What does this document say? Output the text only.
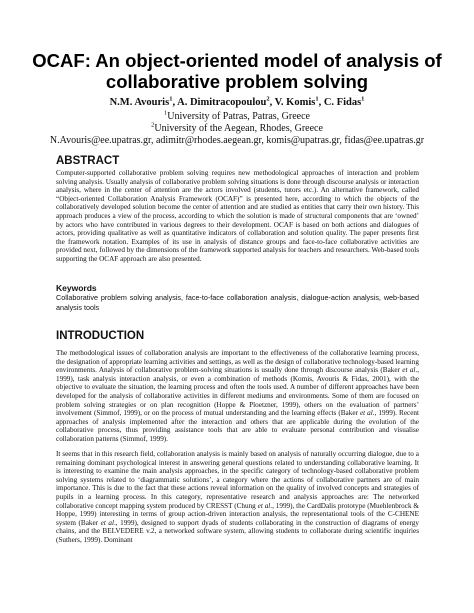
OCAF: An object-oriented model of analysis of
collaborative problem solving
N.M. Avouris$^1$, A. Dimitracopoulou$^2$, V. Komis$^1$, C. Fidas$^1$
$^1$University of Patras, Patras, Greece
$^2$University of the Aegean, Rhodes, Greece
N.Avouris@ee.upatras.gr, adimitr@rhodes.aegean.gr, komis@upatras.gr, fidas@ee.upatras.gr
ABSTRACT

Computer-supported collaborative problem solving requires new methodological approaches of interaction and problem solving analysis. Usually analysis of collaborative problem solving situations is done through discourse analysis or interaction analysis, where in the center of attention are the actors involved (students, tutors etc.). An alternative framework, called “Object-oriented Collaboration Analysis Framework (OCAF)” is presented here, according to which the objects of the collaboratively developed solution become the center of attention and are studied as entities that carry their own history. This approach produces a view of the process, according to which the solution is made of structural components that are ‘owned’ by actors who have contributed in various degrees to their development. OCAF is based on both actions and dialogues of actors, providing qualitative as well as quantitative indicators of collaboration and solution quality. The paper presents first the framework notation. Examples of its use in analysis of distance groups and face-to-face collaborative activities are provided next, followed by the dimensions of the framework supported analysis for teachers and researchers. Web-based tools supporting the OCAF approach are also presented.

Keywords

Collaborative problem solving analysis, face-to-face collaboration analysis, dialogue-action analysis, web-based analysis tools

INTRODUCTION

The methodological issues of collaboration analysis are important to the effectiveness of the collaborative learning process, the designation of appropriate learning activities and settings, as well as the design of collaborative technology-based learning environments. Analysis of collaborative problem-solving situations is usually done through discourse analysis (Baker et al., 1999), task analysis interaction analysis, or even a combination of methods (Komis, Avouris & Fidas, 2001), with the objective to evaluate the situation, the learning process and often the tools used. A number of different approaches have been developed for the analysis of collaborative activities in different mediums and environments. Some of them are focused on problem solving strategies or on plan recognition (Hoppe & Ploetzner, 1999), others on the evaluation of partners’ involvement (Simmof, 1999), or on the process of mutual understanding and the learning effects (Baker et al., 1999). Recent approaches of analysis implemented after the interaction and others that are applicable during the evolution of the collaborative process, thus providing assistance tools that are able to evaluate personal contribution and visualise collaboration patterns (Simmof, 1999).

It seems that in this research field, collaboration analysis is mainly based on analysis of naturally occurring dialogue, due to a remaining dominant psychological interest in answering general questions related to understanding collaborative learning. It is interesting to examine the main analysis approaches, in the specific category of technology-based collaborative problem solving systems related to ‘diagrammatic solutions’, a category where the actions of collaborative partners are of main importance. This is due to the fact that these actions reveal information on the quality of involved concepts and strategies of pupils in a learning process. In this category, representative research and analysis approaches are: The networked collaborative concept mapping system produced by CRESST (Chung et al., 1999), the CardDalis prototype (Muehlenbrock & Hoppe, 1999) interesting in terms of group action-driven interaction analysis, the representational tools of the C-CHENE system (Baker et al., 1999), designed to support dyads of students collaborating in the construction of diagrams of energy chains, and the BELVEDERE v.2, a networked software system, allowing students to collaborate during scientific inquiries (Suthers, 1999). Dominant
